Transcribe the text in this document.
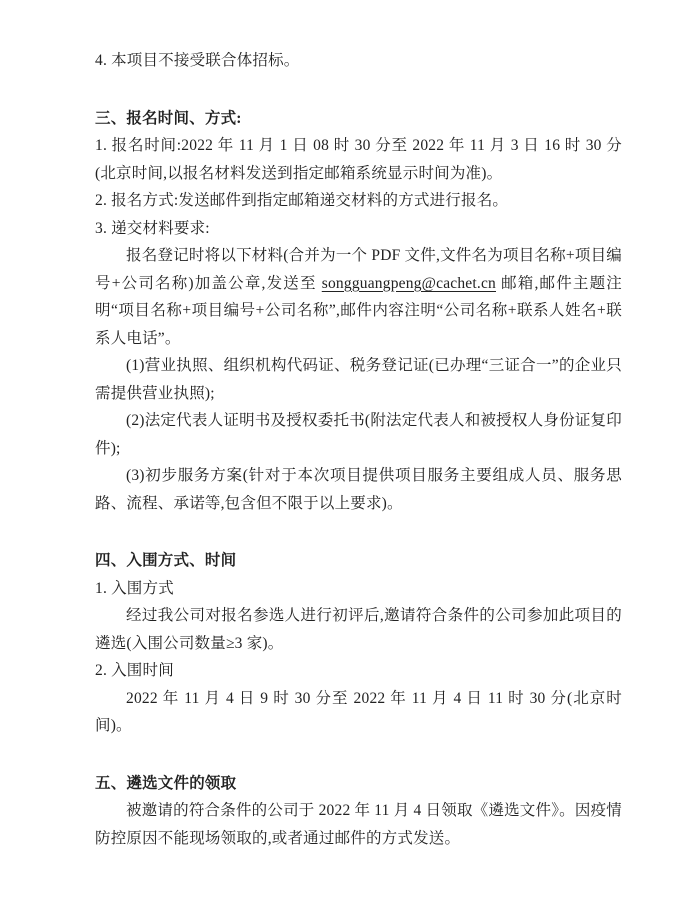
4. 本项目不接受联合体招标。

三、报名时间、方式:

1. 报名时间:2022 年 11 月 1 日 08 时 30 分至 2022 年 11 月 3 日 16 时 30 分(北京时间,以报名材料发送到指定邮箱系统显示时间为准)。

2. 报名方式:发送邮件到指定邮箱递交材料的方式进行报名。

3. 递交材料要求:

报名登记时将以下材料(合并为一个 PDF 文件,文件名为项目名称+项目编号+公司名称)加盖公章,发送至 songguangpeng@cachet.cn 邮箱,邮件主题注明“项目名称+项目编号+公司名称”,邮件内容注明“公司名称+联系人姓名+联系人电话”。

(1)营业执照、组织机构代码证、税务登记证(已办理“三证合一”的企业只需提供营业执照);

(2)法定代表人证明书及授权委托书(附法定代表人和被授权人身份证复印件);

(3)初步服务方案(针对于本次项目提供项目服务主要组成人员、服务思路、流程、承诺等,包含但不限于以上要求)。

四、入围方式、时间

1. 入围方式

经过我公司对报名参选人进行初评后,邀请符合条件的公司参加此项目的遴选(入围公司数量≥3 家)。

2. 入围时间

2022 年 11 月 4 日 9 时 30 分至 2022 年 11 月 4 日 11 时 30 分(北京时间)。

五、遴选文件的领取

被邀请的符合条件的公司于 2022 年 11 月 4 日领取《遴选文件》。因疫情防控原因不能现场领取的,或者通过邮件的方式发送。
